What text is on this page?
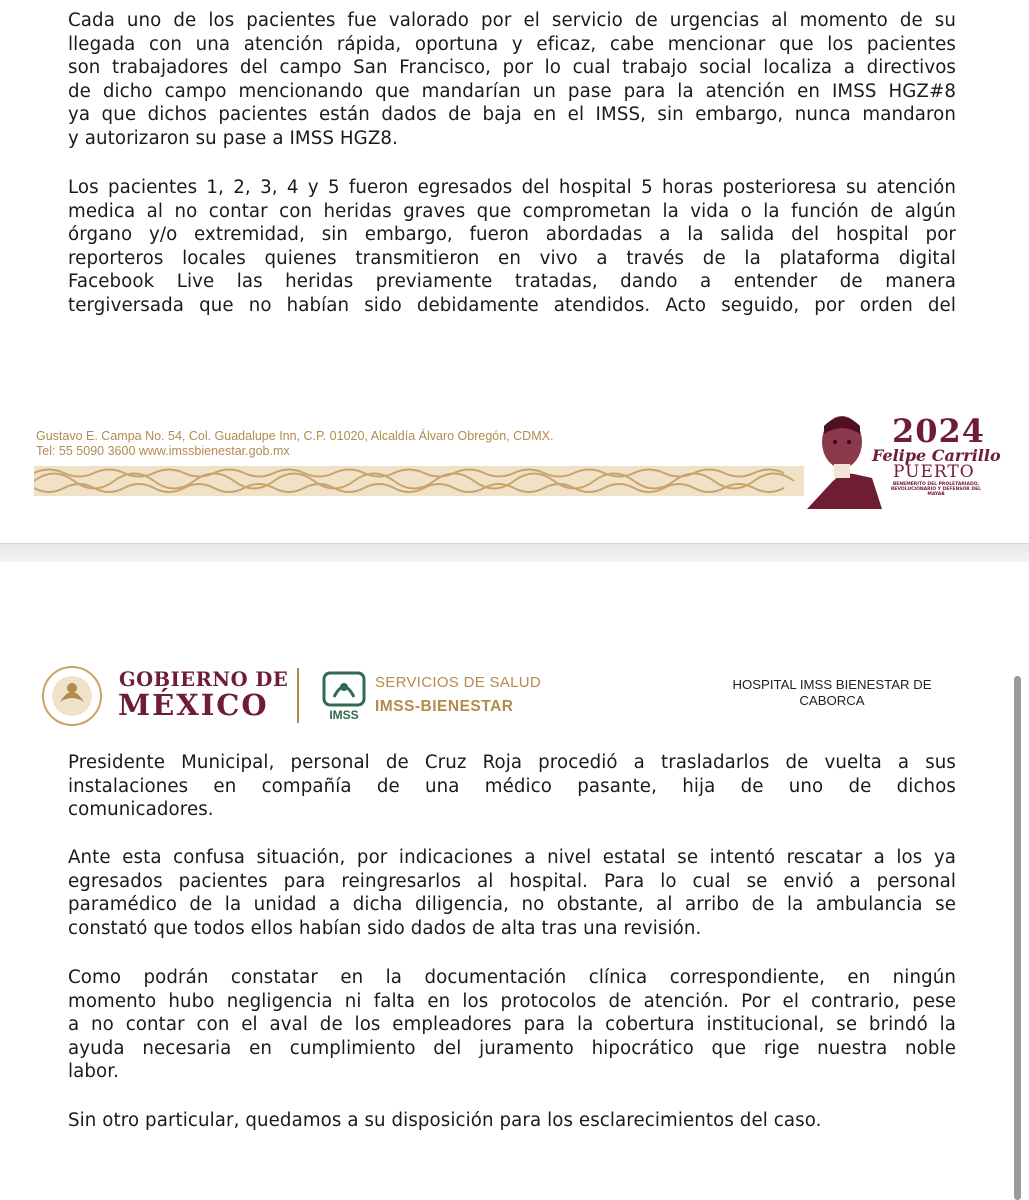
Cada uno de los pacientes fue valorado por el servicio de urgencias al momento de su
llegada con una atención rápida, oportuna y eficaz, cabe mencionar que los pacientes
son trabajadores del campo San Francisco, por lo cual trabajo social localiza a directivos
de dicho campo mencionando que mandarían un pase para la atención en IMSS HGZ#8
ya que dichos pacientes están dados de baja en el IMSS, sin embargo, nunca mandaron
y autorizaron su pase a IMSS HGZ8.
Los pacientes 1, 2, 3, 4 y 5 fueron egresados del hospital 5 horas posterioresa su atención
medica al no contar con heridas graves que comprometan la vida o la función de algún
órgano y/o extremidad, sin embargo, fueron abordadas a la salida del hospital por
reporteros locales quienes transmitieron en vivo a través de la plataforma digital
Facebook Live las heridas previamente tratadas, dando a entender de manera
tergiversada que no habían sido debidamente atendidos. Acto seguido, por orden del
Gustavo E. Campa No. 54, Col. Guadalupe Inn, C.P. 01020, Alcaldía Álvaro Obregón, CDMX.
Tel: 55 5090 3600 www.imssbienestar.gob.mx
2024
Felipe Carrillo
PUERTO
BENEMÉRITO DEL PROLETARIADO, REVOLUCIONARIO Y DEFENSOR DEL MAYAB
GOBIERNO DE
MÉXICO	IMSS
SERVICIOS DE SALUD
IMSS-BIENESTAR
HOSPITAL IMSS BIENESTAR DE
CABORCA
Presidente Municipal, personal de Cruz Roja procedió a trasladarlos de vuelta a sus
instalaciones en compañía de una médico pasante, hija de uno de dichos
comunicadores.
Ante esta confusa situación, por indicaciones a nivel estatal se intentó rescatar a los ya
egresados pacientes para reingresarlos al hospital. Para lo cual se envió a personal
paramédico de la unidad a dicha diligencia, no obstante, al arribo de la ambulancia se
constató que todos ellos habían sido dados de alta tras una revisión.
Como podrán constatar en la documentación clínica correspondiente, en ningún
momento hubo negligencia ni falta en los protocolos de atención. Por el contrario, pese
a no contar con el aval de los empleadores para la cobertura institucional, se brindó la
ayuda necesaria en cumplimiento del juramento hipocrático que rige nuestra noble
labor.
Sin otro particular, quedamos a su disposición para los esclarecimientos del caso.
